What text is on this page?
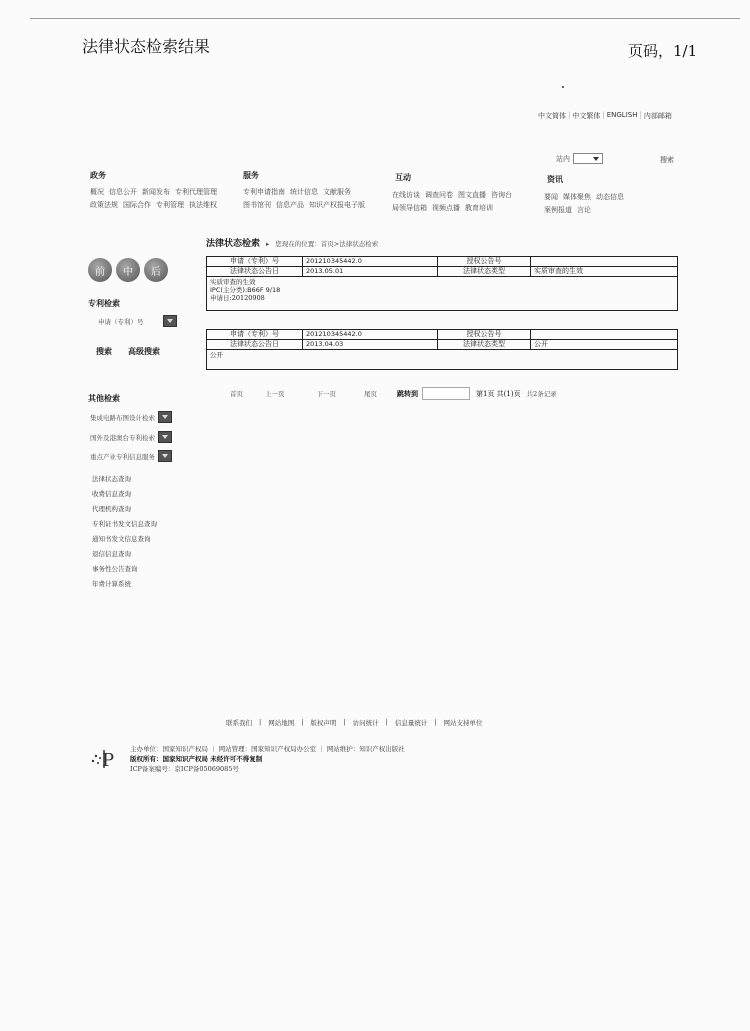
法律状态检索结果	页码，1/1
中文简体 | 中文繁体 | ENGLISH | 内部邮箱
站内	搜索
政务
概况 信息公开 新闻发布 专利代理管理
政策法规 国际合作 专利管理 执法维权
服务
专利申请指南 统计信息 文献服务
图书馆刊 信息产品 知识产权报电子版
互动
在线访谈 调查问卷 图文直播 咨询台
局领导信箱 视频点播 教育培训
资讯
要闻 媒体聚焦 动态信息
案例报道 言论
前	中	后
专利检索
申请（专利）号
搜索 高级搜索
其他检索
集成电路布图设计检索
国外及港澳台专利检索
重点产业专利信息服务
法律状态查询
收费信息查询
代理机构查询
专利证书发文信息查询
通知书发文信息查询
退信信息查询
事务性公告查询
年费计算系统
法律状态检索 ▸ 您现在的位置：首页>法律状态检索
申请（专利）号	201210345442.0	授权公告号	
法律状态公告日	2013.05.01	法律状态类型	实质审查的生效

实质审查的生效
IPC(主分类):B66F 9/18
申请日:20120908			
申请（专利）号	201210345442.0	授权公告号	
法律状态公告日	2013.04.03	法律状态类型	公开

公开			
首页	上一页	下一页	尾页	跳转到	第1页 共(1)页 共2条记录
联系我们 | 网站地图 | 版权声明 | 访问统计 | 信息量统计 | 网站支持单位
P
主办单位：国家知识产权局 ｜ 网站管理：国家知识产权局办公室 ｜ 网站维护：知识产权出版社
版权所有：国家知识产权局 未经许可不得复制
ICP备案编号：京ICP备05069085号
